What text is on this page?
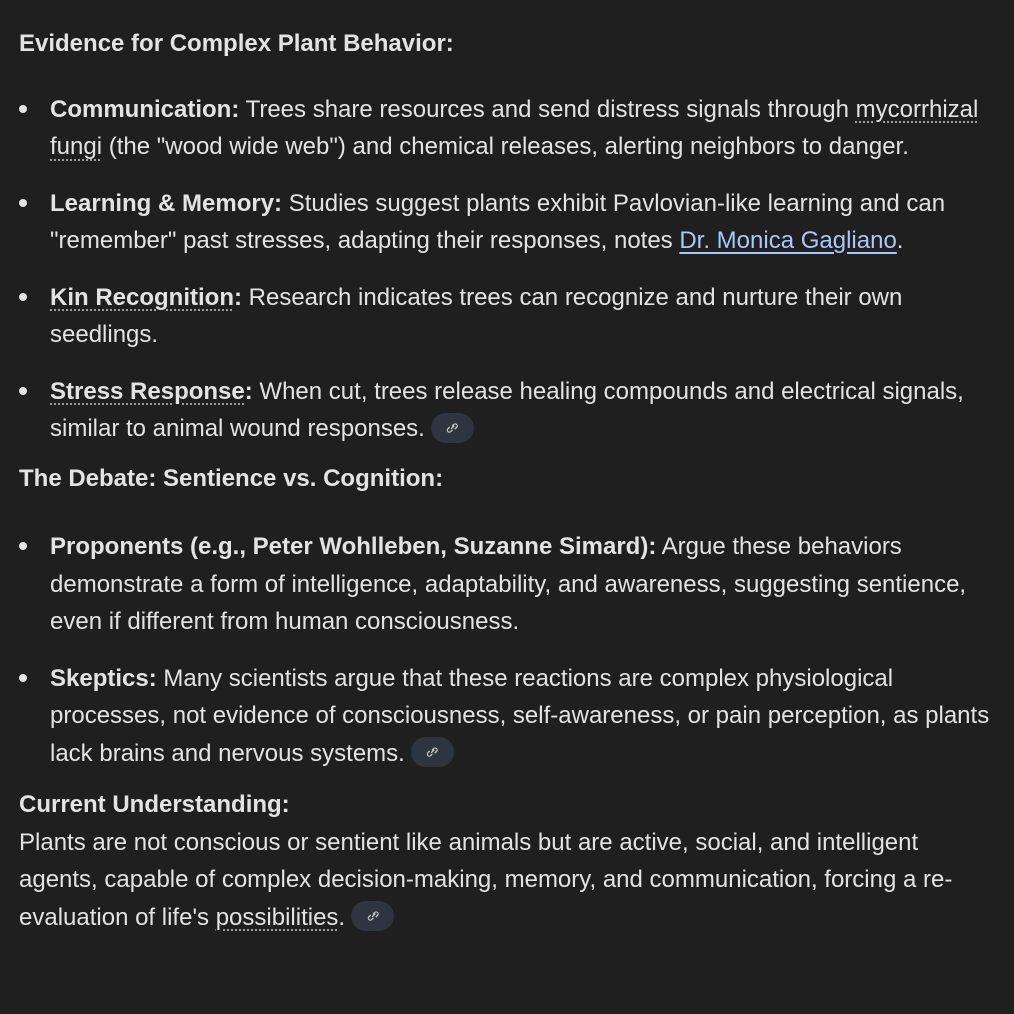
Evidence for Complex Plant Behavior:

Communication: Trees share resources and send distress signals through mycorrhizal fungi (the "wood wide web") and chemical releases, alerting neighbors to danger.
Learning & Memory: Studies suggest plants exhibit Pavlovian-like learning and can "remember" past stresses, adapting their responses, notes Dr. Monica Gagliano.
Kin Recognition: Research indicates trees can recognize and nurture their own seedlings.
Stress Response: When cut, trees release healing compounds and electrical signals, similar to animal wound responses.

The Debate: Sentience vs. Cognition:

Proponents (e.g., Peter Wohlleben, Suzanne Simard): Argue these behaviors demonstrate a form of intelligence, adaptability, and awareness, suggesting sentience, even if different from human consciousness.
Skeptics: Many scientists argue that these reactions are complex physiological processes, not evidence of consciousness, self-awareness, or pain perception, as plants lack brains and nervous systems.

Current Understanding:

Plants are not conscious or sentient like animals but are active, social, and intelligent agents, capable of complex decision-making, memory, and communication, forcing a re-evaluation of life's possibilities.
